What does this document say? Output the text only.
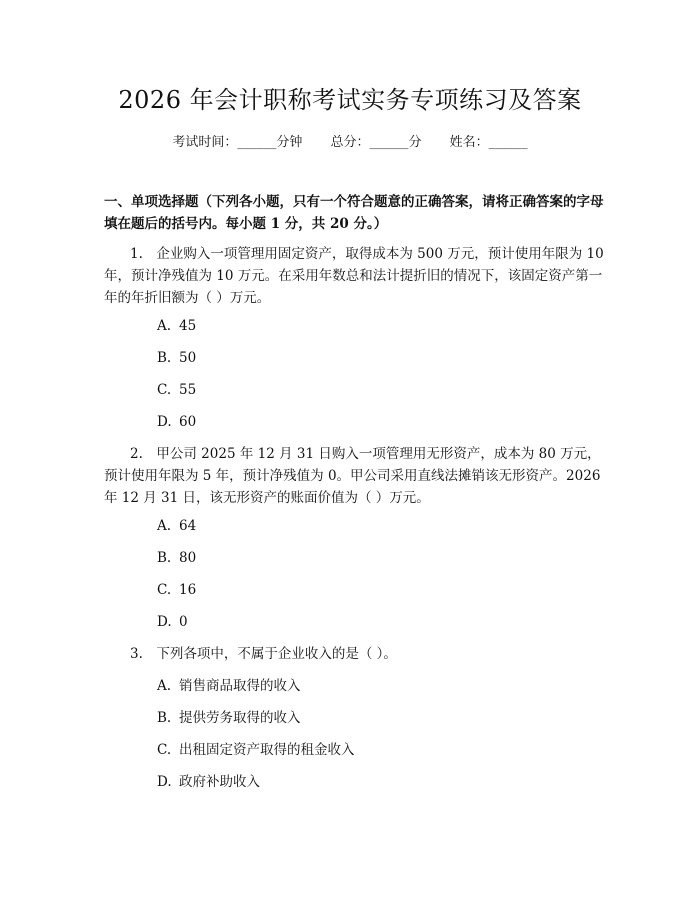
2026 年会计职称考试实务专项练习及答案
考试时间：______分钟 总分：______分 姓名：______
一、单项选择题（下列各小题，只有一个符合题意的正确答案，请将正确答案的字母填在题后的括号内。每小题 1 分，共 20 分。）
1.　企业购入一项管理用固定资产，取得成本为 500 万元，预计使用年限为 10 年，预计净残值为 10 万元。在采用年数总和法计提折旧的情况下，该固定资产第一年的年折旧额为（ ）万元。
A. 45
B. 50
C. 55
D. 60
2.　甲公司 2025 年 12 月 31 日购入一项管理用无形资产，成本为 80 万元，预计使用年限为 5 年，预计净残值为 0。甲公司采用直线法摊销该无形资产。2026 年 12 月 31 日，该无形资产的账面价值为（ ）万元。
A. 64
B. 80
C. 16
D. 0
3.　下列各项中，不属于企业收入的是（ ）。
A. 销售商品取得的收入
B. 提供劳务取得的收入
C. 出租固定资产取得的租金收入
D. 政府补助收入
